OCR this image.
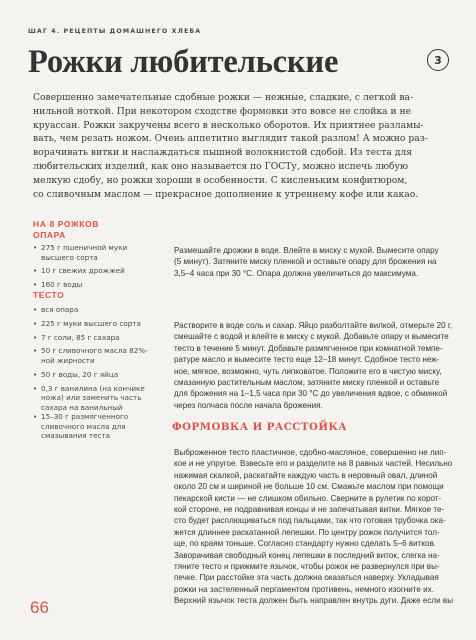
ШАГ 4. РЕЦЕПТЫ ДОМАШНЕГО ХЛЕБА
Рожки любительские	3

Совершенно замечательные сдобные рожки — нежные, сладкие, с легкой ва-
нильной ноткой. При некотором сходстве формовки это вовсе не слойка и не
круассан. Рожки закручены всего в несколько оборотов. Их приятнее разламы-
вать, чем резать ножом. Очень аппетитно выглядит такой разлом! А можно раз-
ворачивать витки и наслаждаться пышной волокнистой сдобой. Из теста для
любительских изделий, как оно называется по ГОСТу, можно испечь любую
мелкую сдобу, но рожки хороши в особенности. С кисленьким конфитюром,
со сливочным маслом — прекрасное дополнение к утреннему кофе или какао.

НА 8 РОЖКОВ
ОПАРА
• 275 г пшеничной муки
высшего сорта
• 10 г свежих дрожжей
• 160 г воды
ТЕСТО
• вся опара
• 225 г муки высшего сорта
• 7 г соли, 85 г сахара
• 50 г сливочного масла 82%-
ной жирности
• 50 г воды, 20 г яйца
• 0,3 г ванилина (на кончике
ножа) или заменить часть
сахара на ванильный
• 15–30 г размягченного
сливочного масла для
смазывания теста

Размешайте дрожжи в воде. Влейте в миску с мукой. Вымесите опару
(5 минут). Затяните миску пленкой и оставьте опару для брожения на
3,5–4 часа при 30 °С. Опара должна увеличиться до максимума.

Растворите в воде соль и сахар. Яйцо разболтайте вилкой, отмерьте 20 г,
смешайте с водой и влейте в миску с мукой. Добавьте опару и вымесите
тесто в течение 5 минут. Добавьте размягченное при комнатной темпе-
ратуре масло и вымесите тесто еще 12–18 минут. Сдобное тесто неж-
ное, мягкое, возможно, чуть липковатое. Положите его в чистую миску,
смазанную растительным маслом, затяните миску пленкой и оставьте
для брожения на 1–1,5 часа при 30 °С до увеличения вдвое, с обминкой
через полчаса после начала брожения.

ФОРМОВКА И РАССТОЙКА

Выброженное тесто пластичное, сдобно-масляное, совершенно не лип-
кое и не упругое. Взвесьте его и разделите на 8 равных частей. Несильно
нажимая скалкой, раскатайте каждую часть в неровный овал, длиной
около 20 см и шириной не больше 10 см. Смажьте маслом при помощи
пекарской кисти — не слишком обильно. Сверните в рулетик по корот-
кой стороне, не подравнивая концы и не запечатывая витки. Мягкое те-
сто будет расплющиваться под пальцами, так что готовая трубочка ока-
жется длиннее раскатанной лепешки. По центру рожок получится тол-
ще, по краям тоньше. Согласно стандарту нужно сделать 5–6 витков.
Заворачивая свободный конец лепешки в последний виток, слегка на-
тяните тесто и прижмите язычок, чтобы рожок не развернулся при вы-
печке. При расстойке эта часть должна оказаться наверху. Укладывая
рожки на застеленный пергаментом противень, немного изогните их.
Верхний язычок теста должен быть направлен внутрь дуги. Даже если вы

66
